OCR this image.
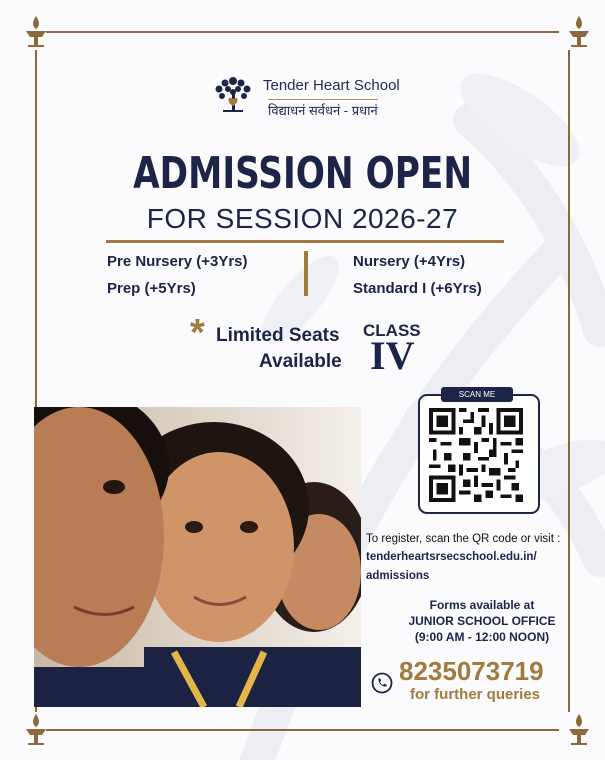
Tender Heart School
विद्याधनं सर्वधनं - प्रधानं
ADMISSION OPEN
FOR SESSION 2026-27
Pre Nursery (+3Yrs)
Prep (+5Yrs)
Nursery (+4Yrs)
Standard I (+6Yrs)
* Limited Seats
Available
CLASS
IV
SCAN ME
To register, scan the QR code or visit :
tenderheartsrsecschool.edu.in/
admissions
Forms available at
JUNIOR SCHOOL OFFICE
(9:00 AM - 12:00 NOON)
8235073719
for further queries
